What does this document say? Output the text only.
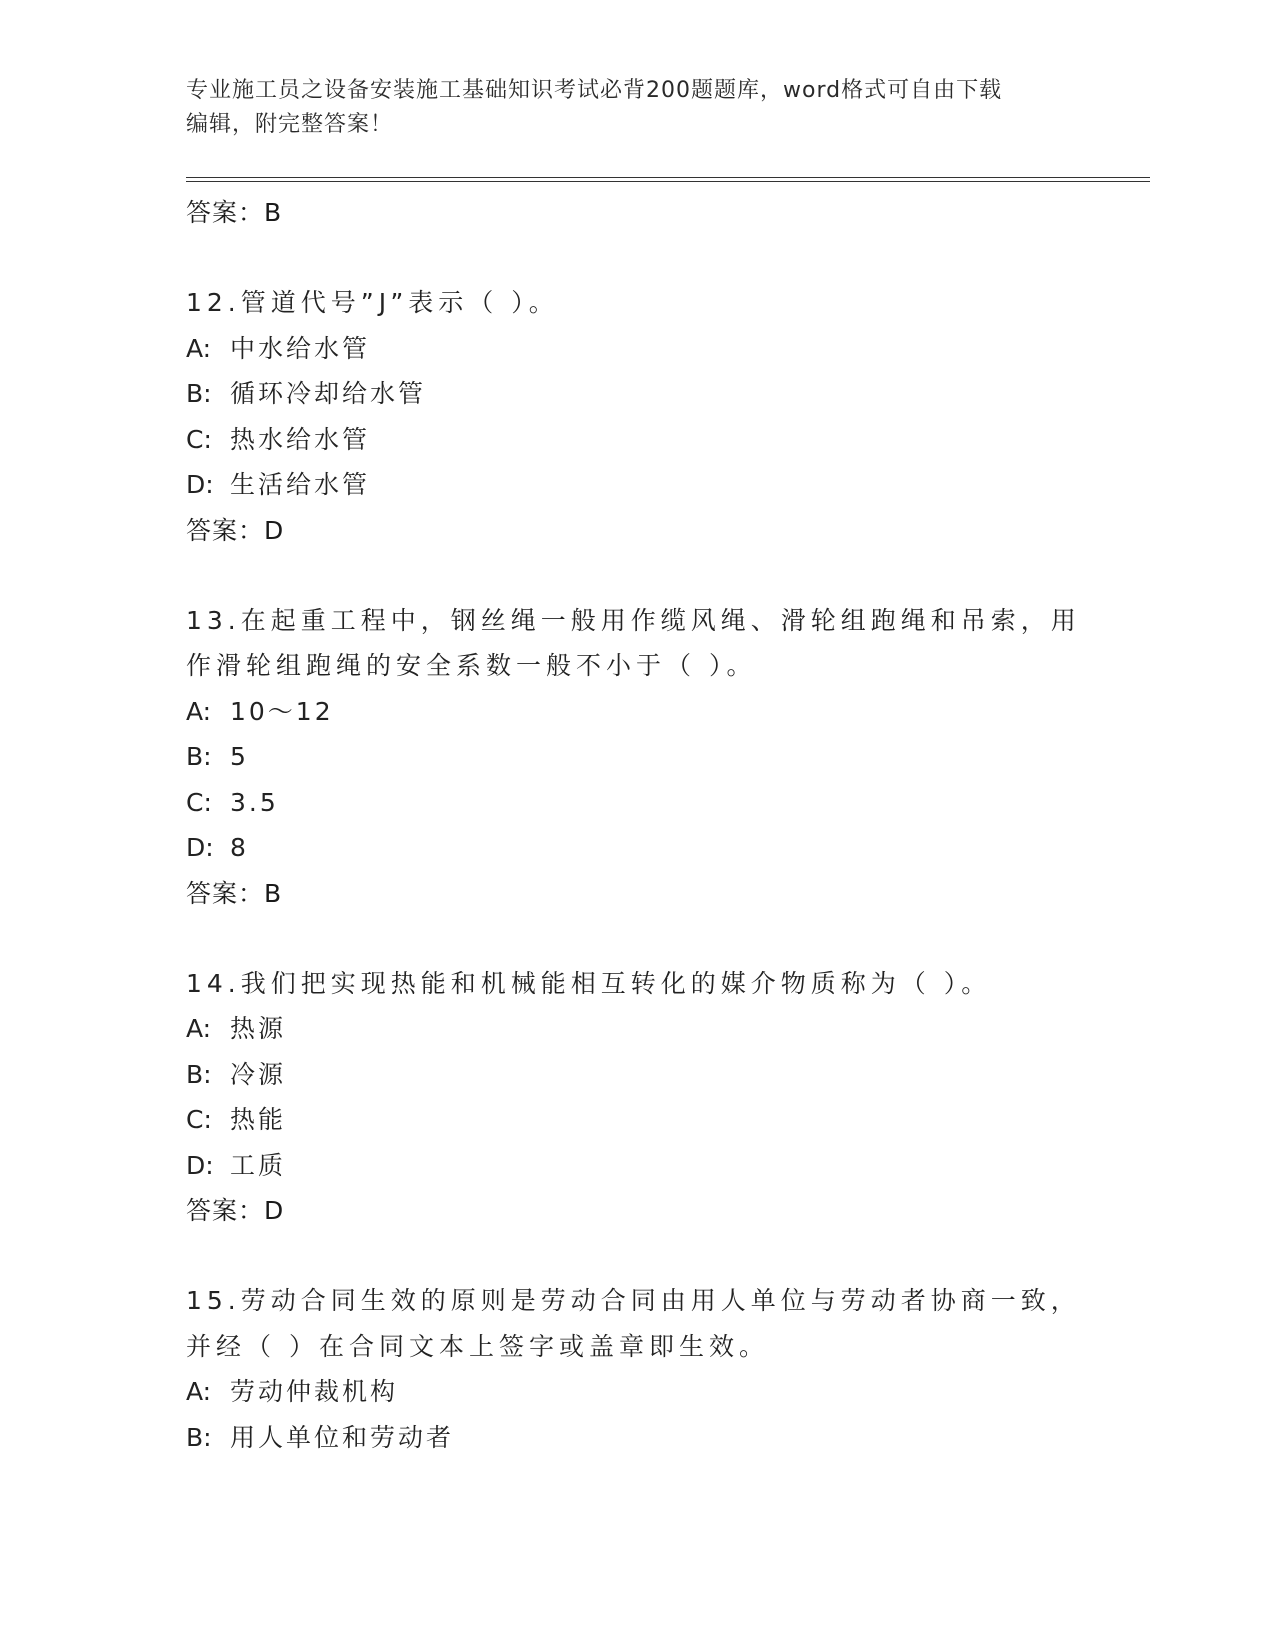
专业施工员之设备安装施工基础知识考试必背200题题库，word格式可自由下载
编辑，附完整答案！
答案：B
12.管道代号”J”表示（ ）。
A: 中水给水管
B: 循环冷却给水管
C: 热水给水管
D: 生活给水管
答案：D
13.在起重工程中，钢丝绳一般用作缆风绳、滑轮组跑绳和吊索，用作滑轮组跑绳的安全系数一般不小于（ ）。
A: 10～12
B: 5
C: 3.5
D: 8
答案：B
14.我们把实现热能和机械能相互转化的媒介物质称为（ ）。
A: 热源
B: 冷源
C: 热能
D: 工质
答案：D
15.劳动合同生效的原则是劳动合同由用人单位与劳动者协商一致，并经（ ）在合同文本上签字或盖章即生效。
A: 劳动仲裁机构
B: 用人单位和劳动者
